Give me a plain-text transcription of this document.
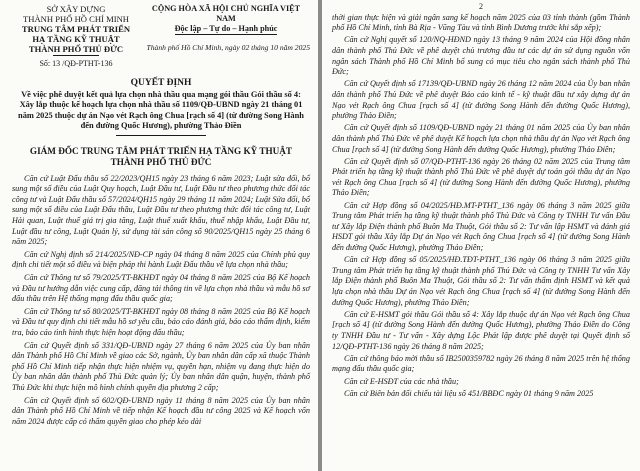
SỞ XÂY DỰNG
THÀNH PHỐ HỒ CHÍ MINH
TRUNG TÂM PHÁT TRIỂN
HẠ TẦNG KỸ THUẬT
THÀNH PHỐ THỦ ĐỨC
Số: 13 /QĐ-PTHT-136
CỘNG HÒA XÃ HỘI CHỦ NGHĨA VIỆT NAM
Độc lập – Tự do – Hạnh phúc
Thành phố Hồ Chí Minh, ngày 02 tháng 10 năm 2025
QUYẾT ĐỊNH
Về việc phê duyệt kết quả lựa chọn nhà thầu qua mạng gói thầu Gói thầu số 4: Xây lắp thuộc kế hoạch lựa chọn nhà thầu số 1109/QĐ-UBND ngày 21 tháng 01 năm 2025 thuộc dự án Nạo vét Rạch ông Chua [rạch số 4] (từ đường Song Hành đến đường Quốc Hương), phường Thảo Điền
GIÁM ĐỐC TRUNG TÂM PHÁT TRIỂN HẠ TẦNG KỸ THUẬT
THÀNH PHỐ THỦ ĐỨC
Căn cứ Luật Đấu thầu số 22/2023/QH15 ngày 23 tháng 6 năm 2023; Luật sửa đổi, bổ sung một số điều của Luật Quy hoạch, Luật Đầu tư, Luật Đầu tư theo phương thức đối tác công tư và Luật Đấu thầu số 57/2024/QH15 ngày 29 tháng 11 năm 2024; Luật Sửa đổi, bổ sung một số điều của Luật Đấu thầu, Luật Đầu tư theo phương thức đối tác công tư, Luật Hải quan, Luật thuế giá trị gia tăng, Luật thuế xuất khẩu, thuế nhập khẩu, Luật Đầu tư, Luật đầu tư công, Luật Quản lý, sử dụng tài sản công số 90/2025/QH15 ngày 25 tháng 6 năm 2025;
Căn cứ Nghị định số 214/2025/NĐ-CP ngày 04 tháng 8 năm 2025 của Chính phủ quy định chi tiết một số điều và biện pháp thi hành Luật Đấu thầu về lựa chọn nhà thầu;
Căn cứ Thông tư số 79/2025/TT-BKHĐT ngày 04 tháng 8 năm 2025 của Bộ Kế hoạch và Đầu tư hướng dẫn việc cung cấp, đăng tải thông tin về lựa chọn nhà thầu và mẫu hồ sơ đấu thầu trên Hệ thống mạng đấu thầu quốc gia;
Căn cứ Thông tư số 80/2025/TT-BKHĐT ngày 08 tháng 8 năm 2025 của Bộ Kế hoạch và Đầu tư quy định chi tiết mẫu hồ sơ yêu cầu, báo cáo đánh giá, báo cáo thẩm định, kiểm tra, báo cáo tình hình thực hiện hoạt động đấu thầu;
Căn cứ Quyết định số 331/QĐ-UBND ngày 27 tháng 6 năm 2025 của Ủy ban nhân dân Thành phố Hồ Chí Minh về giao các Sở, ngành, Ủy ban nhân dân cấp xã thuộc Thành phố Hồ Chí Minh tiếp nhận thực hiện nhiệm vụ, quyền hạn, nhiệm vụ đang thực hiện do Ủy ban nhân dân thành phố Thủ Đức quản lý; Ủy ban nhân dân quận, huyện, thành phố Thủ Đức khi thực hiện mô hình chính quyền địa phương 2 cấp;
Căn cứ Quyết định số 602/QĐ-UBND ngày 11 tháng 8 năm 2025 của Ủy ban nhân dân Thành phố Hồ Chí Minh về tiếp nhận Kế hoạch đầu tư công 2025 và Kế hoạch vốn năm 2024 được cấp có thẩm quyền giao cho phép kéo dài
2
thời gian thực hiện và giải ngân sang kế hoạch năm 2025 của 03 tỉnh thành (gồm Thành phố Hồ Chí Minh, tỉnh Bà Rịa - Vũng Tàu và tỉnh Bình Dương trước khi sắp xếp);
Căn cứ Nghị quyết số 120/NQ-HĐND ngày 13 tháng 9 năm 2024 của Hội đồng nhân dân thành phố Thủ Đức về phê duyệt chủ trương đầu tư các dự án sử dụng nguồn vốn ngân sách Thành phố Hồ Chí Minh bổ sung có mục tiêu cho ngân sách thành phố Thủ Đức;
Căn cứ Quyết định số 17139/QĐ-UBND ngày 26 tháng 12 năm 2024 của Ủy ban nhân dân thành phố Thủ Đức về phê duyệt Báo cáo kinh tế - kỹ thuật đầu tư xây dựng dự án Nạo vét Rạch ông Chua [rạch số 4] (từ đường Song Hành đến đường Quốc Hương), phường Thảo Điền;
Căn cứ Quyết định số 1109/QĐ-UBND ngày 21 tháng 01 năm 2025 của Ủy ban nhân dân thành phố Thủ Đức về phê duyệt Kế hoạch lựa chọn nhà thầu dự án Nạo vét Rạch ông Chua [rạch số 4] (từ đường Song Hành đến đường Quốc Hương), phường Thảo Điền;
Căn cứ Quyết định số 07/QĐ-PTHT-136 ngày 26 tháng 02 năm 2025 của Trung tâm Phát triển hạ tầng kỹ thuật thành phố Thủ Đức về phê duyệt dự toán gói thầu dự án Nạo vét Rạch ông Chua [rạch số 4] (từ đường Song Hành đến đường Quốc Hương), phường Thảo Điền;
Căn cứ Hợp đồng số 04/2025/HĐ.MT-PTHT_136 ngày 06 tháng 3 năm 2025 giữa Trung tâm Phát triển hạ tầng kỹ thuật thành phố Thủ Đức và Công ty TNHH Tư vấn Đầu tư Xây lắp Điện thành phố Buôn Ma Thuột, Gói thầu số 2: Tư vấn lập HSMT và đánh giá HSDT gói thầu Xây lắp Dự án Nạo vét Rạch ông Chua [rạch số 4] (từ đường Song Hành đến đường Quốc Hương), phường Thảo Điền;
Căn cứ Hợp đồng số 05/2025/HĐ.TĐT-PTHT_136 ngày 06 tháng 3 năm 2025 giữa Trung tâm Phát triển hạ tầng kỹ thuật thành phố Thủ Đức và Công ty TNHH Tư vấn Xây lắp Điện thành phố Buôn Ma Thuột, Gói thầu số 2: Tư vấn thẩm định HSMT và kết quả lựa chọn nhà thầu Dự án Nạo vét Rạch ông Chua [rạch số 4] (từ đường Song Hành đến đường Quốc Hương), phường Thảo Điền;
Căn cứ E-HSMT gói thầu Gói thầu số 4: Xây lắp thuộc dự án Nạo vét Rạch ông Chua [rạch số 4] (từ đường Song Hành đến đường Quốc Hương), phường Thảo Điền do Công ty TNHH Đầu tư - Tư vấn - Xây dựng Lộc Phát lập được phê duyệt tại Quyết định số 12/QĐ-PTHT-136 ngày 26 tháng 8 năm 2025;
Căn cứ thông báo mời thầu số IB2500359782 ngày 26 tháng 8 năm 2025 trên hệ thống mạng đấu thầu quốc gia;
Căn cứ E-HSĐT của các nhà thầu;
Căn cứ Biên bản đối chiếu tài liệu số 451/BBĐC ngày 01 tháng 9 năm 2025
